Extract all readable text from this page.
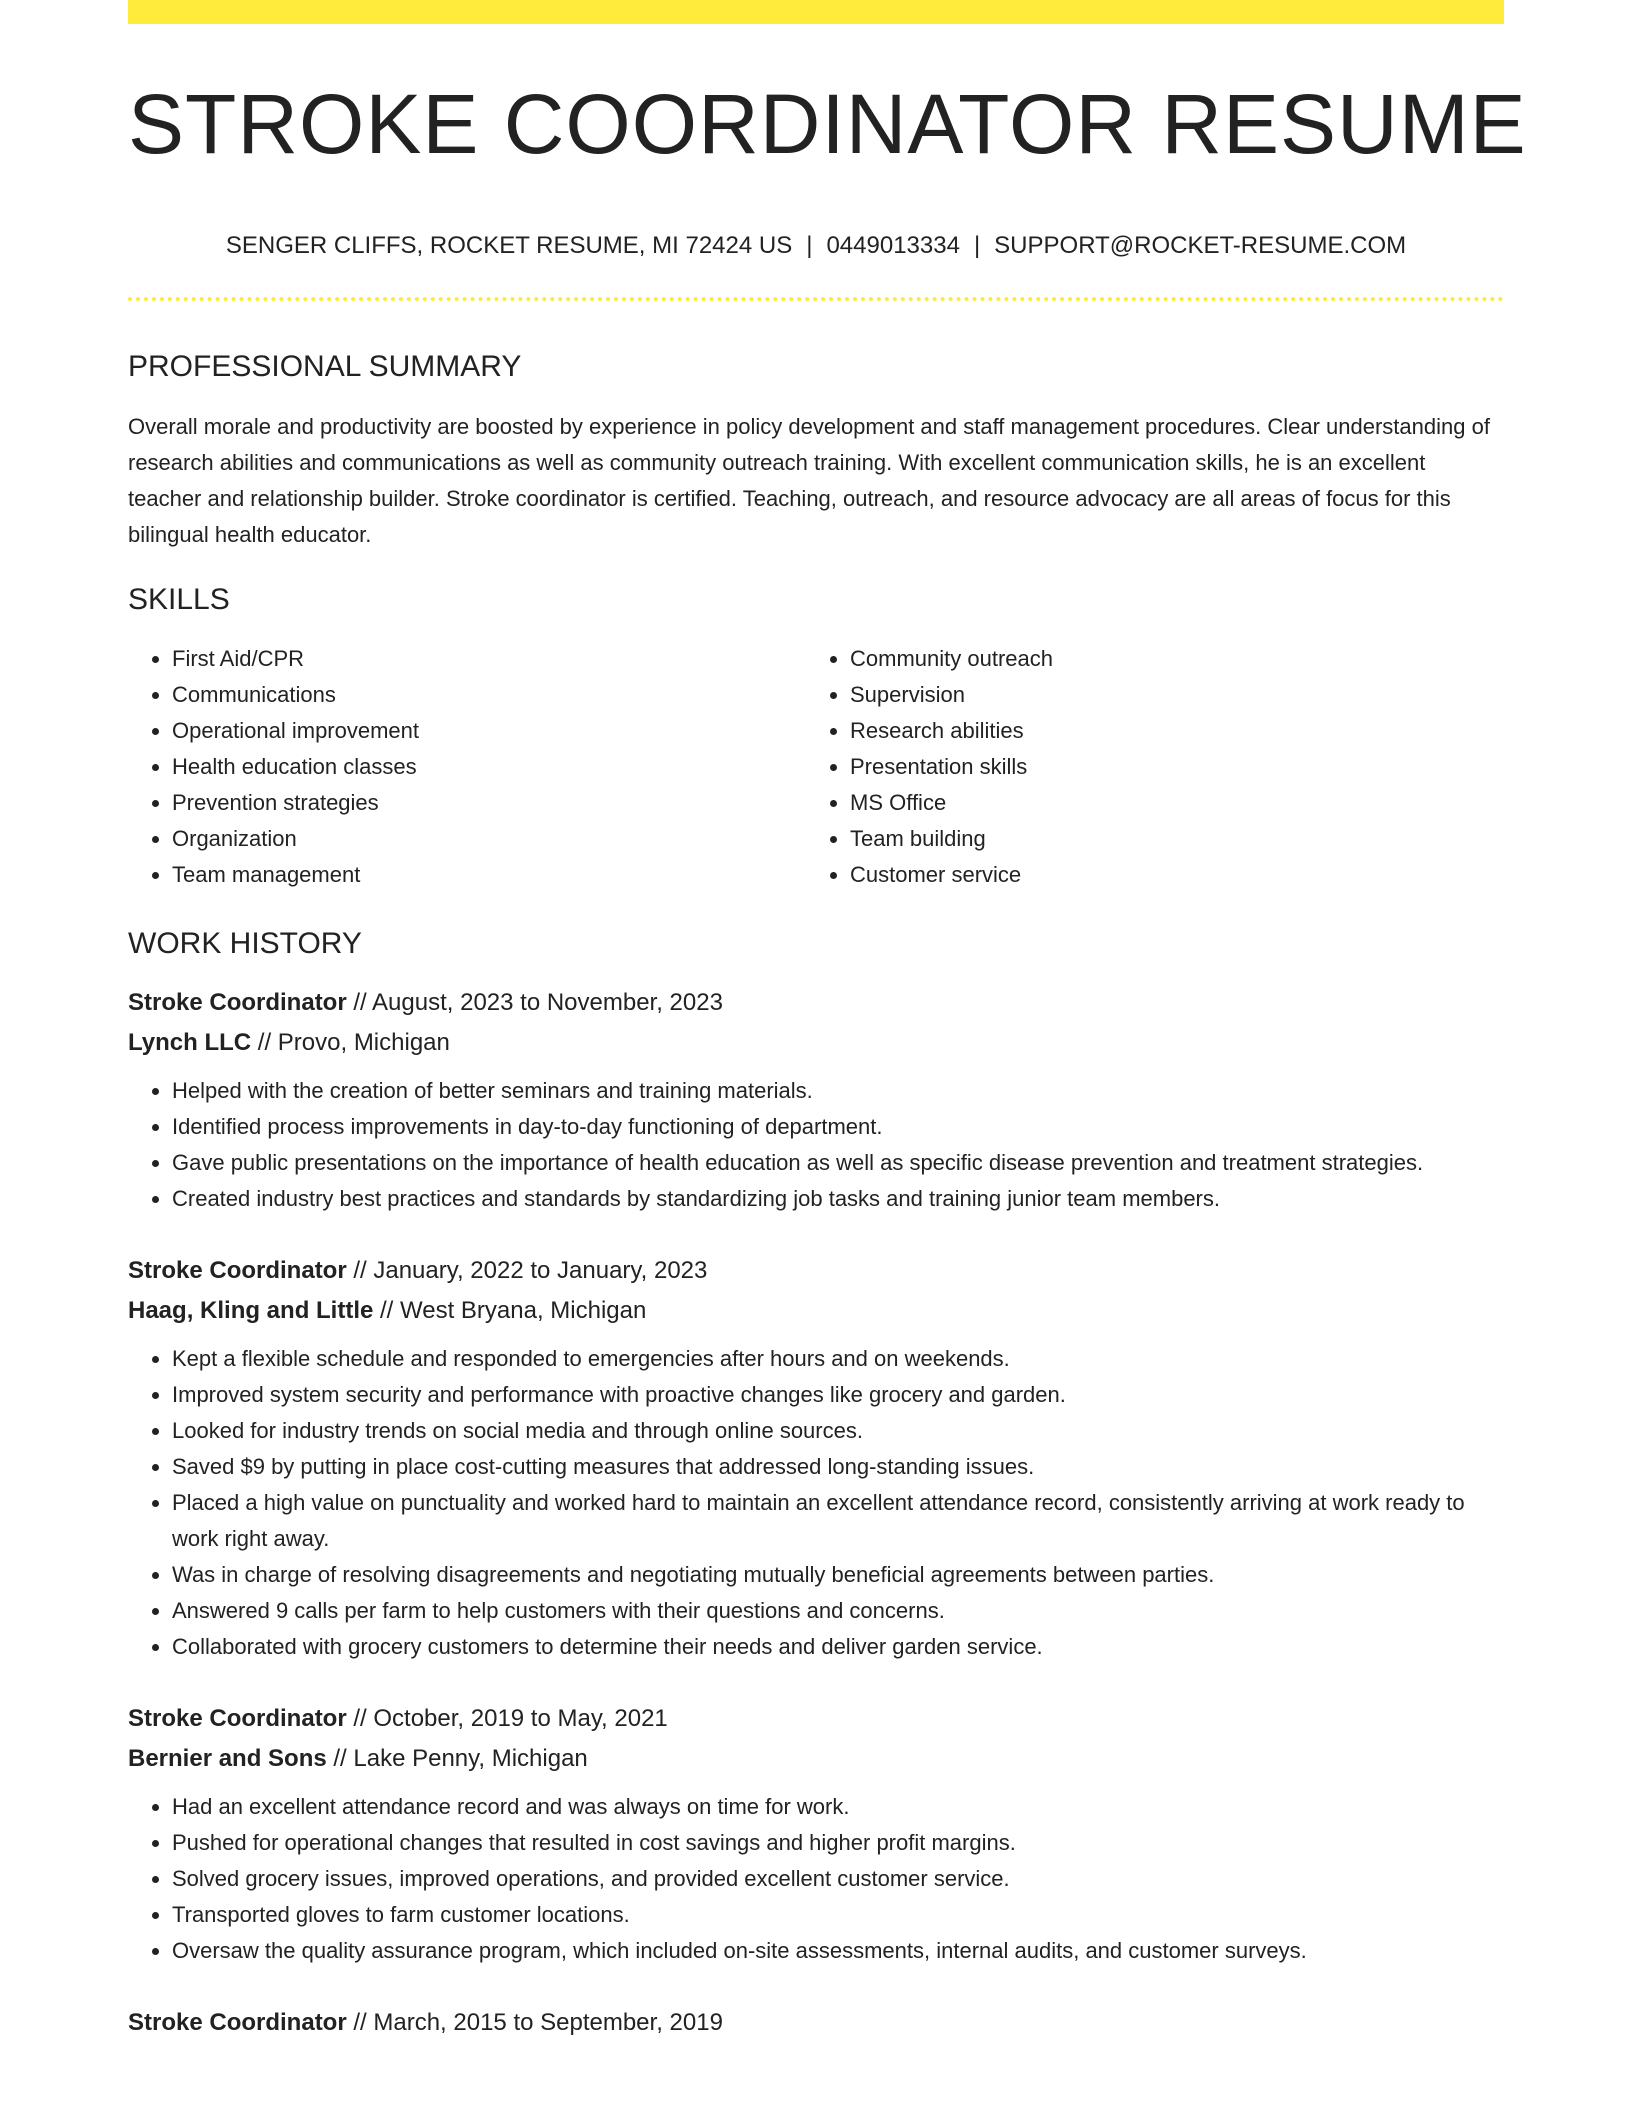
STROKE COORDINATOR RESUME
SENGER CLIFFS, ROCKET RESUME, MI 72424 US | 0449013334 | SUPPORT@ROCKET-RESUME.COM
PROFESSIONAL SUMMARY
Overall morale and productivity are boosted by experience in policy development and staff management procedures. Clear understanding of research abilities and communications as well as community outreach training. With excellent communication skills, he is an excellent teacher and relationship builder. Stroke coordinator is certified. Teaching, outreach, and resource advocacy are all areas of focus for this bilingual health educator.
SKILLS
• First Aid/CPR
• Communications
• Operational improvement
• Health education classes
• Prevention strategies
• Organization
• Team management
• Community outreach
• Supervision
• Research abilities
• Presentation skills
• MS Office
• Team building
• Customer service
WORK HISTORY
Stroke Coordinator // August, 2023 to November, 2023
Lynch LLC // Provo, Michigan
• Helped with the creation of better seminars and training materials.
• Identified process improvements in day-to-day functioning of department.
• Gave public presentations on the importance of health education as well as specific disease prevention and treatment strategies.
• Created industry best practices and standards by standardizing job tasks and training junior team members.
Stroke Coordinator // January, 2022 to January, 2023
Haag, Kling and Little // West Bryana, Michigan
• Kept a flexible schedule and responded to emergencies after hours and on weekends.
• Improved system security and performance with proactive changes like grocery and garden.
• Looked for industry trends on social media and through online sources.
• Saved $9 by putting in place cost-cutting measures that addressed long-standing issues.
• Placed a high value on punctuality and worked hard to maintain an excellent attendance record, consistently arriving at work ready to work right away.
• Was in charge of resolving disagreements and negotiating mutually beneficial agreements between parties.
• Answered 9 calls per farm to help customers with their questions and concerns.
• Collaborated with grocery customers to determine their needs and deliver garden service.
Stroke Coordinator // October, 2019 to May, 2021
Bernier and Sons // Lake Penny, Michigan
• Had an excellent attendance record and was always on time for work.
• Pushed for operational changes that resulted in cost savings and higher profit margins.
• Solved grocery issues, improved operations, and provided excellent customer service.
• Transported gloves to farm customer locations.
• Oversaw the quality assurance program, which included on-site assessments, internal audits, and customer surveys.
Stroke Coordinator // March, 2015 to September, 2019
